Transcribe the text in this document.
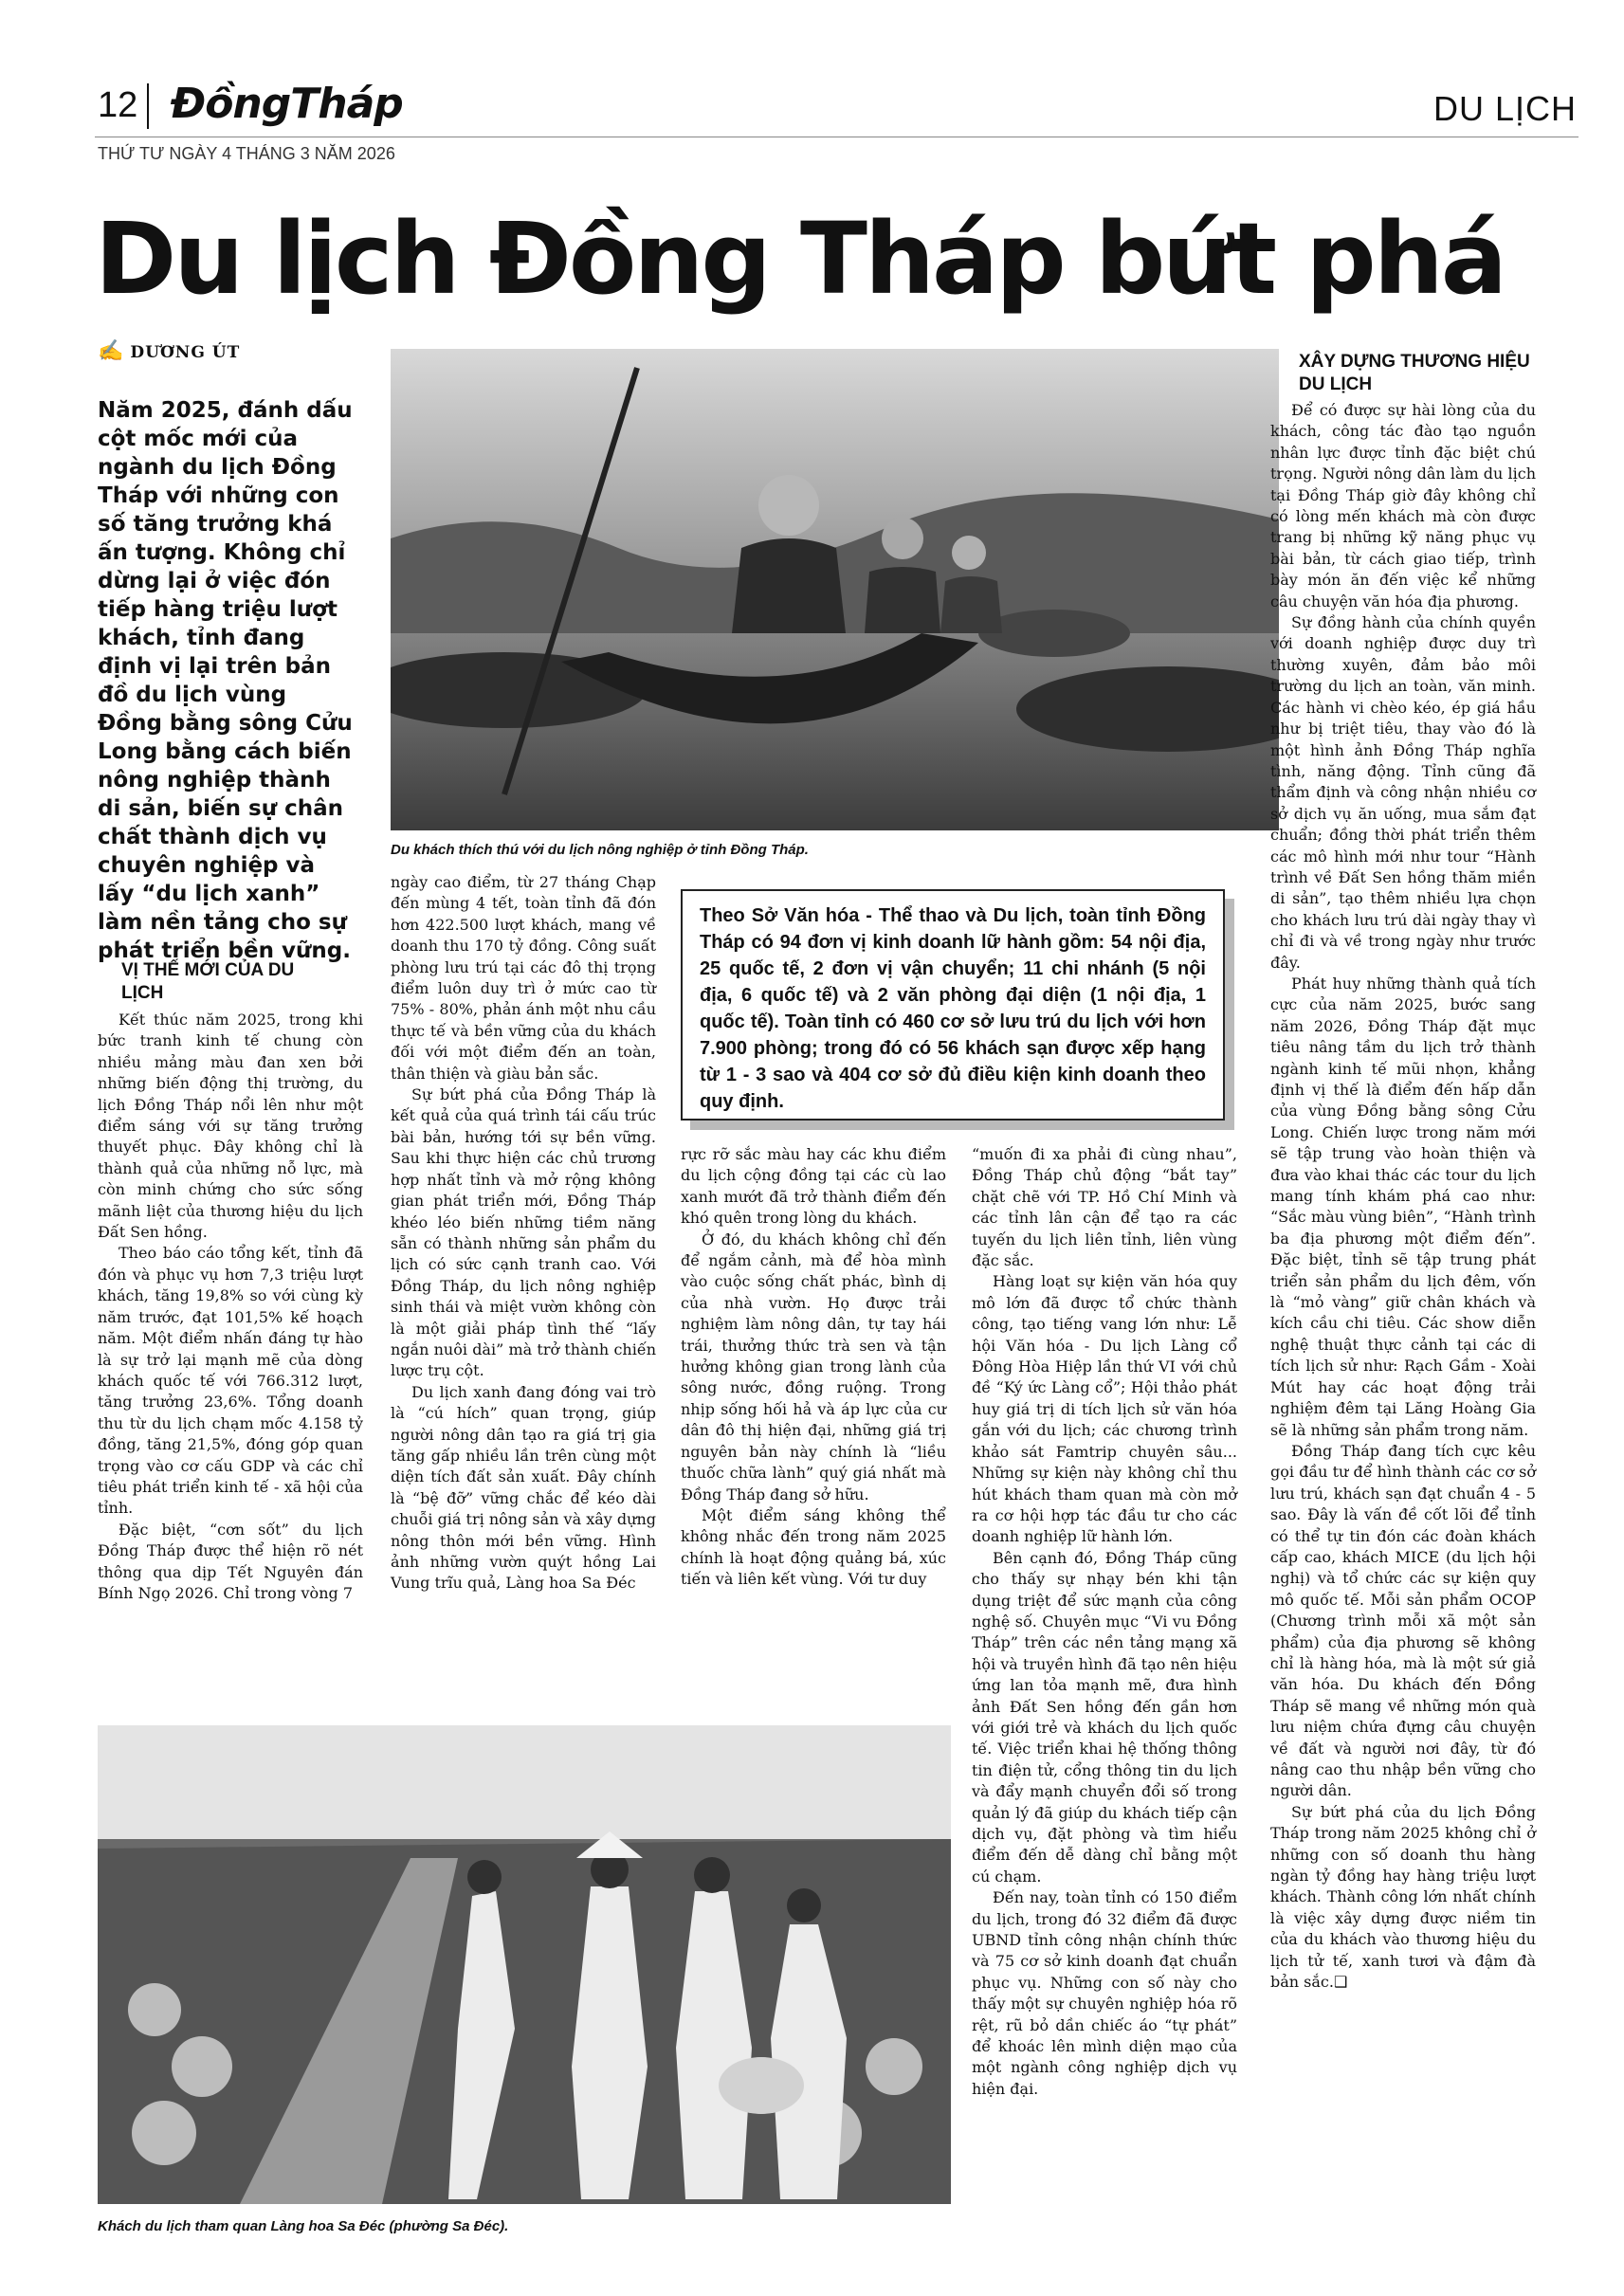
12 ĐồngTháp	DU LỊCH
THỨ TƯ NGÀY 4 THÁNG 3 NĂM 2026
Du lịch Đồng Tháp bứt phá
✍ DƯƠNG ÚT
Năm 2025, đánh dấu cột mốc mới của ngành du lịch Đồng Tháp với những con số tăng trưởng khá ấn tượng. Không chỉ dừng lại ở việc đón tiếp hàng triệu lượt khách, tỉnh đang định vị lại trên bản đồ du lịch vùng Đồng bằng sông Cửu Long bằng cách biến nông nghiệp thành di sản, biến sự chân chất thành dịch vụ chuyên nghiệp và lấy “du lịch xanh” làm nền tảng cho sự phát triển bền vững.
Du khách thích thú với du lịch nông nghiệp ở tỉnh Đồng Tháp.
VỊ THẾ MỚI CỦA DU LỊCH

Kết thúc năm 2025, trong khi bức tranh kinh tế chung còn nhiều mảng màu đan xen bởi những biến động thị trường, du lịch Đồng Tháp nổi lên như một điểm sáng với sự tăng trưởng thuyết phục. Đây không chỉ là thành quả của những nỗ lực, mà còn minh chứng cho sức sống mãnh liệt của thương hiệu du lịch Đất Sen hồng.

Theo báo cáo tổng kết, tỉnh đã đón và phục vụ hơn 7,3 triệu lượt khách, tăng 19,8% so với cùng kỳ năm trước, đạt 101,5% kế hoạch năm. Một điểm nhấn đáng tự hào là sự trở lại mạnh mẽ của dòng khách quốc tế với 766.312 lượt, tăng trưởng 23,6%. Tổng doanh thu từ du lịch chạm mốc 4.158 tỷ đồng, tăng 21,5%, đóng góp quan trọng vào cơ cấu GDP và các chỉ tiêu phát triển kinh tế - xã hội của tỉnh.

Đặc biệt, “cơn sốt” du lịch Đồng Tháp được thể hiện rõ nét thông qua dịp Tết Nguyên đán Bính Ngọ 2026. Chỉ trong vòng 7

ngày cao điểm, từ 27 tháng Chạp đến mùng 4 tết, toàn tỉnh đã đón hơn 422.500 lượt khách, mang về doanh thu 170 tỷ đồng. Công suất phòng lưu trú tại các đô thị trọng điểm luôn duy trì ở mức cao từ 75% - 80%, phản ánh một nhu cầu thực tế và bền vững của du khách đối với một điểm đến an toàn, thân thiện và giàu bản sắc.

Sự bứt phá của Đồng Tháp là kết quả của quá trình tái cấu trúc bài bản, hướng tới sự bền vững. Sau khi thực hiện các chủ trương hợp nhất tỉnh và mở rộng không gian phát triển mới, Đồng Tháp khéo léo biến những tiềm năng sẵn có thành những sản phẩm du lịch có sức cạnh tranh cao. Với Đồng Tháp, du lịch nông nghiệp sinh thái và miệt vườn không còn là một giải pháp tình thế “lấy ngắn nuôi dài” mà trở thành chiến lược trụ cột.

Du lịch xanh đang đóng vai trò là “cú hích” quan trọng, giúp người nông dân tạo ra giá trị gia tăng gấp nhiều lần trên cùng một diện tích đất sản xuất. Đây chính là “bệ đỡ” vững chắc để kéo dài chuỗi giá trị nông sản và xây dựng nông thôn mới bền vững. Hình ảnh những vườn quýt hồng Lai Vung trĩu quả, Làng hoa Sa Đéc

Theo Sở Văn hóa - Thể thao và Du lịch, toàn tỉnh Đồng Tháp có 94 đơn vị kinh doanh lữ hành gồm: 54 nội địa, 25 quốc tế, 2 đơn vị vận chuyển; 11 chi nhánh (5 nội địa, 6 quốc tế) và 2 văn phòng đại diện (1 nội địa, 1 quốc tế). Toàn tỉnh có 460 cơ sở lưu trú du lịch với hơn 7.900 phòng; trong đó có 56 khách sạn được xếp hạng từ 1 - 3 sao và 404 cơ sở đủ điều kiện kinh doanh theo quy định.

rực rỡ sắc màu hay các khu điểm du lịch cộng đồng tại các cù lao xanh mướt đã trở thành điểm đến khó quên trong lòng du khách.

Ở đó, du khách không chỉ đến để ngắm cảnh, mà để hòa mình vào cuộc sống chất phác, bình dị của nhà vườn. Họ được trải nghiệm làm nông dân, tự tay hái trái, thưởng thức trà sen và tận hưởng không gian trong lành của sông nước, đồng ruộng. Trong nhịp sống hối hả và áp lực của cư dân đô thị hiện đại, những giá trị nguyên bản này chính là “liều thuốc chữa lành” quý giá nhất mà Đồng Tháp đang sở hữu.

Một điểm sáng không thể không nhắc đến trong năm 2025 chính là hoạt động quảng bá, xúc tiến và liên kết vùng. Với tư duy

“muốn đi xa phải đi cùng nhau”, Đồng Tháp chủ động “bắt tay” chặt chẽ với TP. Hồ Chí Minh và các tỉnh lân cận để tạo ra các tuyến du lịch liên tỉnh, liên vùng đặc sắc.

Hàng loạt sự kiện văn hóa quy mô lớn đã được tổ chức thành công, tạo tiếng vang lớn như: Lễ hội Văn hóa - Du lịch Làng cổ Đông Hòa Hiệp lần thứ VI với chủ đề “Ký ức Làng cổ”; Hội thảo phát huy giá trị di tích lịch sử văn hóa gắn với du lịch; các chương trình khảo sát Famtrip chuyên sâu... Những sự kiện này không chỉ thu hút khách tham quan mà còn mở ra cơ hội hợp tác đầu tư cho các doanh nghiệp lữ hành lớn.

Bên cạnh đó, Đồng Tháp cũng cho thấy sự nhạy bén khi tận dụng triệt để sức mạnh của công nghệ số. Chuyên mục “Vi vu Đồng Tháp” trên các nền tảng mạng xã hội và truyền hình đã tạo nên hiệu ứng lan tỏa mạnh mẽ, đưa hình ảnh Đất Sen hồng đến gần hơn với giới trẻ và khách du lịch quốc tế. Việc triển khai hệ thống thông tin điện tử, cổng thông tin du lịch và đẩy mạnh chuyển đổi số trong quản lý đã giúp du khách tiếp cận dịch vụ, đặt phòng và tìm hiểu điểm đến dễ dàng chỉ bằng một cú chạm.

Đến nay, toàn tỉnh có 150 điểm du lịch, trong đó 32 điểm đã được UBND tỉnh công nhận chính thức và 75 cơ sở kinh doanh đạt chuẩn phục vụ. Những con số này cho thấy một sự chuyên nghiệp hóa rõ rệt, rũ bỏ dần chiếc áo “tự phát” để khoác lên mình diện mạo của một ngành công nghiệp dịch vụ hiện đại.

XÂY DỰNG THƯƠNG HIỆU DU LỊCH

Để có được sự hài lòng của du khách, công tác đào tạo nguồn nhân lực được tỉnh đặc biệt chú trọng. Người nông dân làm du lịch tại Đồng Tháp giờ đây không chỉ có lòng mến khách mà còn được trang bị những kỹ năng phục vụ bài bản, từ cách giao tiếp, trình bày món ăn đến việc kể những câu chuyện văn hóa địa phương.

Sự đồng hành của chính quyền với doanh nghiệp được duy trì thường xuyên, đảm bảo môi trường du lịch an toàn, văn minh. Các hành vi chèo kéo, ép giá hầu như bị triệt tiêu, thay vào đó là một hình ảnh Đồng Tháp nghĩa tình, năng động. Tỉnh cũng đã thẩm định và công nhận nhiều cơ sở dịch vụ ăn uống, mua sắm đạt chuẩn; đồng thời phát triển thêm các mô hình mới như tour “Hành trình về Đất Sen hồng thăm miền di sản”, tạo thêm nhiều lựa chọn cho khách lưu trú dài ngày thay vì chỉ đi và về trong ngày như trước đây.

Phát huy những thành quả tích cực của năm 2025, bước sang năm 2026, Đồng Tháp đặt mục tiêu nâng tầm du lịch trở thành ngành kinh tế mũi nhọn, khẳng định vị thế là điểm đến hấp dẫn của vùng Đồng bằng sông Cửu Long. Chiến lược trong năm mới sẽ tập trung vào hoàn thiện và đưa vào khai thác các tour du lịch mang tính khám phá cao như: “Sắc màu vùng biên”, “Hành trình ba địa phương một điểm đến”. Đặc biệt, tỉnh sẽ tập trung phát triển sản phẩm du lịch đêm, vốn là “mỏ vàng” giữ chân khách và kích cầu chi tiêu. Các show diễn nghệ thuật thực cảnh tại các di tích lịch sử như: Rạch Gầm - Xoài Mút hay các hoạt động trải nghiệm đêm tại Lăng Hoàng Gia sẽ là những sản phẩm trong năm.

Đồng Tháp đang tích cực kêu gọi đầu tư để hình thành các cơ sở lưu trú, khách sạn đạt chuẩn 4 - 5 sao. Đây là vấn đề cốt lõi để tỉnh có thể tự tin đón các đoàn khách cấp cao, khách MICE (du lịch hội nghị) và tổ chức các sự kiện quy mô quốc tế. Mỗi sản phẩm OCOP (Chương trình mỗi xã một sản phẩm) của địa phương sẽ không chỉ là hàng hóa, mà là một sứ giả văn hóa. Du khách đến Đồng Tháp sẽ mang về những món quà lưu niệm chứa đựng câu chuyện về đất và người nơi đây, từ đó nâng cao thu nhập bền vững cho người dân.

Sự bứt phá của du lịch Đồng Tháp trong năm 2025 không chỉ ở những con số doanh thu hàng ngàn tỷ đồng hay hàng triệu lượt khách. Thành công lớn nhất chính là việc xây dựng được niềm tin của du khách vào thương hiệu du lịch tử tế, xanh tươi và đậm đà bản sắc.❑

Khách du lịch tham quan Làng hoa Sa Đéc (phường Sa Đéc).
